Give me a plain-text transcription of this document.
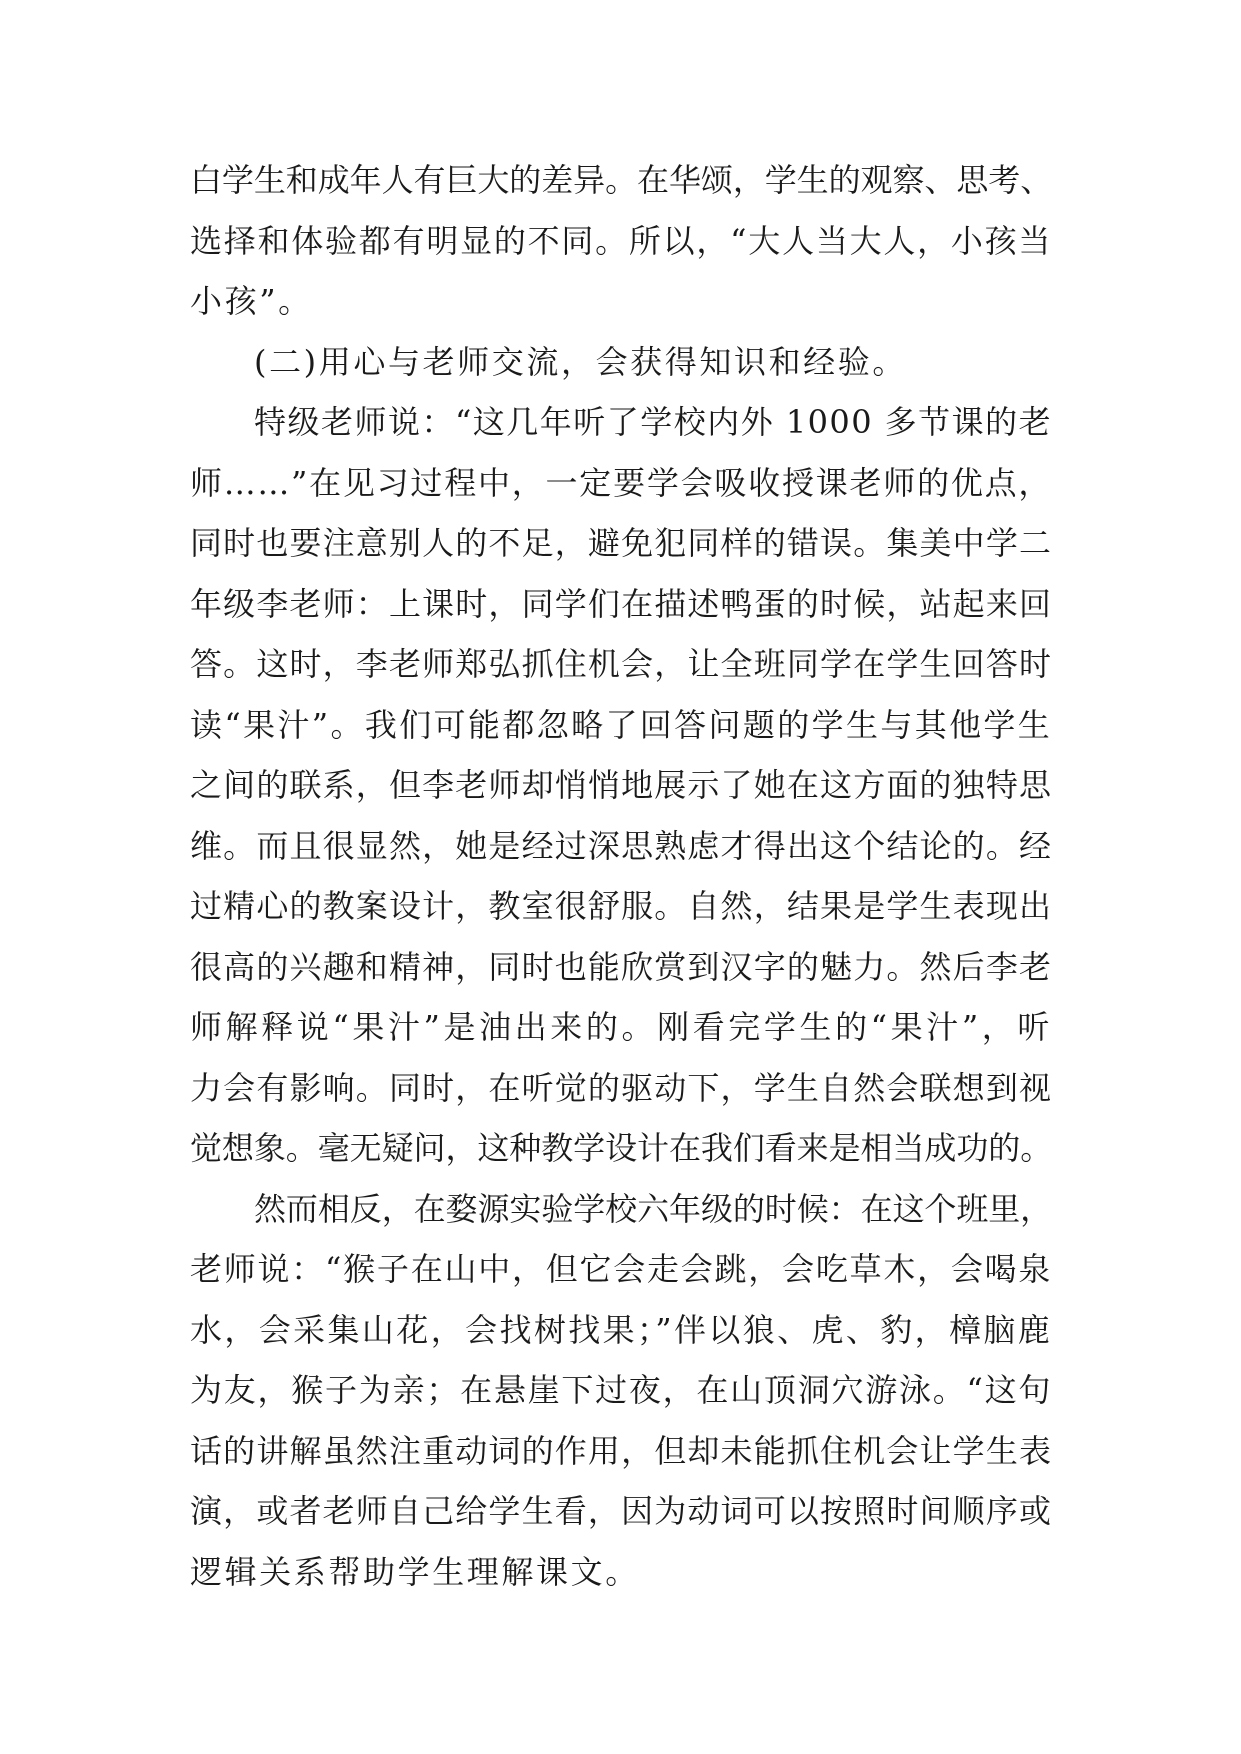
白学生和成年人有巨大的差异。在华颂，学生的观察、思考、
选择和体验都有明显的不同。所以，“大人当大人，小孩当
小孩”。
(二)用心与老师交流，会获得知识和经验。
特级老师说：“这几年听了学校内外 1000 多节课的老
师……”在见习过程中，一定要学会吸收授课老师的优点，
同时也要注意别人的不足，避免犯同样的错误。集美中学二
年级李老师：上课时，同学们在描述鸭蛋的时候，站起来回
答。这时，李老师郑弘抓住机会，让全班同学在学生回答时
读“果汁”。我们可能都忽略了回答问题的学生与其他学生
之间的联系，但李老师却悄悄地展示了她在这方面的独特思
维。而且很显然，她是经过深思熟虑才得出这个结论的。经
过精心的教案设计，教室很舒服。自然，结果是学生表现出
很高的兴趣和精神，同时也能欣赏到汉字的魅力。然后李老
师解释说“果汁”是油出来的。刚看完学生的“果汁”，听
力会有影响。同时，在听觉的驱动下，学生自然会联想到视
觉想象。毫无疑问，这种教学设计在我们看来是相当成功的。
然而相反，在婺源实验学校六年级的时候：在这个班里，
老师说：“猴子在山中，但它会走会跳，会吃草木，会喝泉
水，会采集山花，会找树找果；”伴以狼、虎、豹，樟脑鹿
为友，猴子为亲；在悬崖下过夜，在山顶洞穴游泳。“这句
话的讲解虽然注重动词的作用，但却未能抓住机会让学生表
演，或者老师自己给学生看，因为动词可以按照时间顺序或
逻辑关系帮助学生理解课文。
